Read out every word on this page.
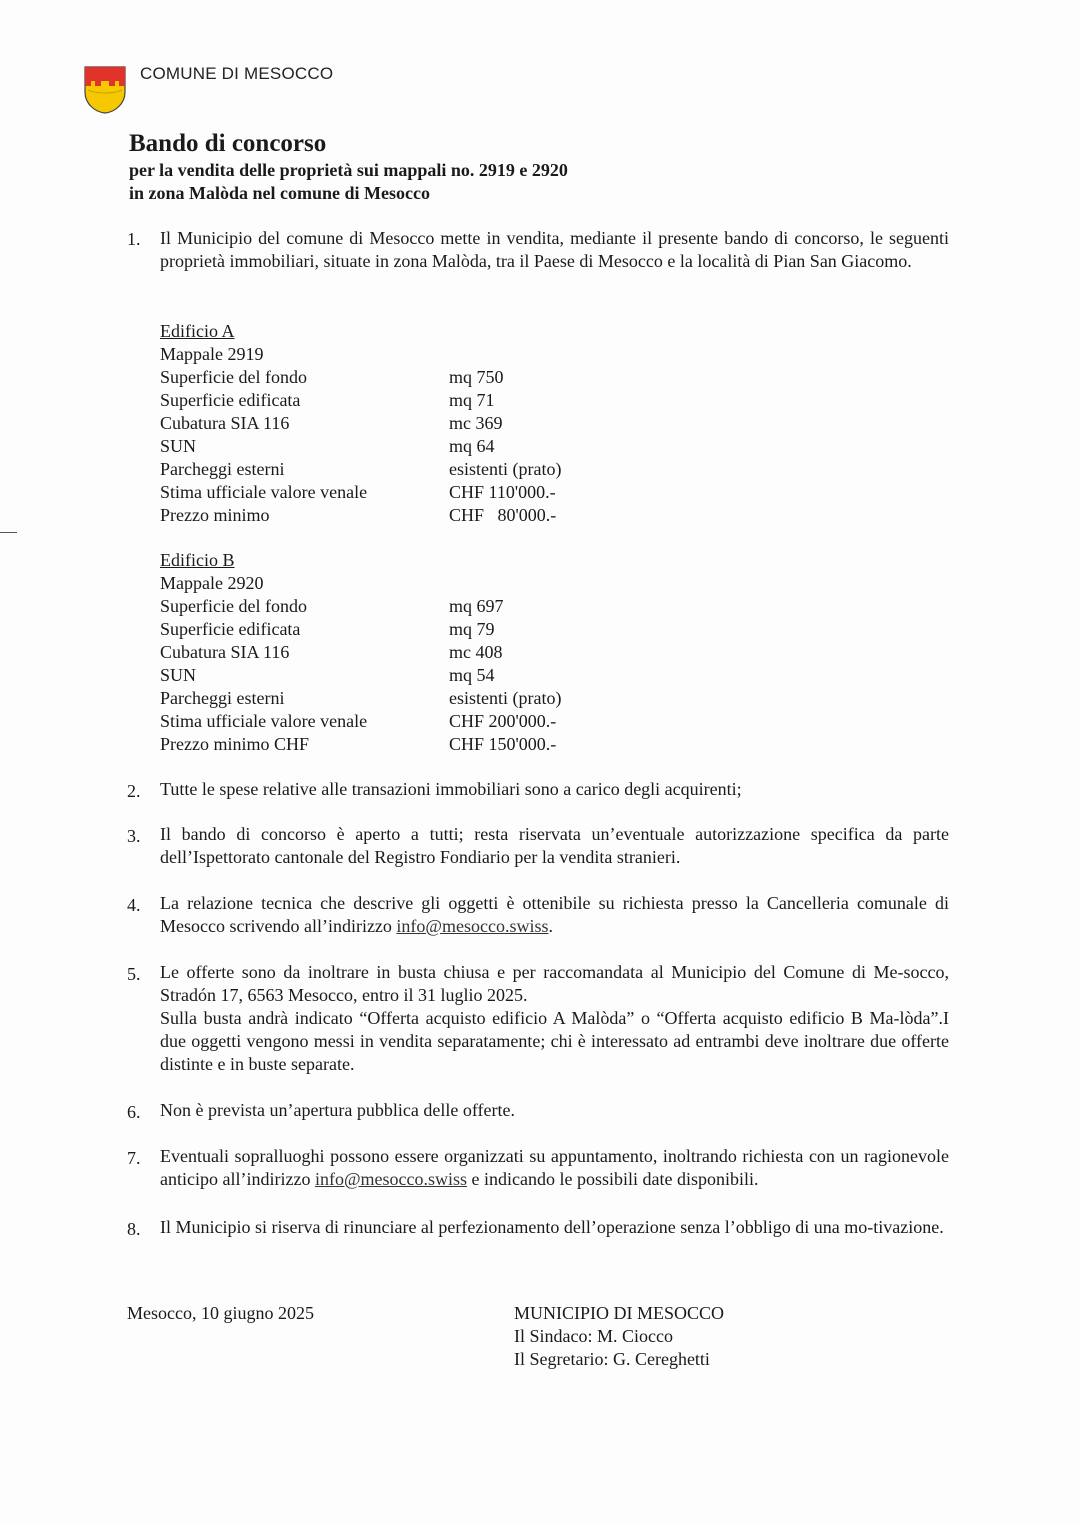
COMUNE DI MESOCCO
Bando di concorso
per la vendita delle proprietà sui mappali no. 2919 e 2920
in zona Malòda nel comune di Mesocco
1. Il Municipio del comune di Mesocco mette in vendita, mediante il presente bando di concorso, le seguenti proprietà immobiliari, situate in zona Malòda, tra il Paese di Mesocco e la località di Pian San Giacomo.
Edificio A
Mappale 2919
Superficie del fondo	mq 750
Superficie edificata	mq 71
Cubatura SIA 116	mc 369
SUN	mq 64
Parcheggi esterni	esistenti (prato)
Stima ufficiale valore venale	CHF 110'000.-
Prezzo minimo	CHF   80'000.-
Edificio B
Mappale 2920
Superficie del fondo	mq 697
Superficie edificata	mq 79
Cubatura SIA 116	mc 408
SUN	mq 54
Parcheggi esterni	esistenti (prato)
Stima ufficiale valore venale	CHF 200'000.-
Prezzo minimo CHF	CHF 150'000.-
2. Tutte le spese relative alle transazioni immobiliari sono a carico degli acquirenti;
3. Il bando di concorso è aperto a tutti; resta riservata un’eventuale autorizzazione specifica da parte dell’Ispettorato cantonale del Registro Fondiario per la vendita stranieri.
4. La relazione tecnica che descrive gli oggetti è ottenibile su richiesta presso la Cancelleria comunale di Mesocco scrivendo all’indirizzo info@mesocco.swiss.
5. Le offerte sono da inoltrare in busta chiusa e per raccomandata al Municipio del Comune di Me-socco, Stradón 17, 6563 Mesocco, entro il 31 luglio 2025.
Sulla busta andrà indicato “Offerta acquisto edificio A Malòda” o “Offerta acquisto edificio B Ma-lòda”.I due oggetti vengono messi in vendita separatamente; chi è interessato ad entrambi deve inoltrare due offerte distinte e in buste separate.
6. Non è prevista un’apertura pubblica delle offerte.
7. Eventuali sopralluoghi possono essere organizzati su appuntamento, inoltrando richiesta con un ragionevole anticipo all’indirizzo info@mesocco.swiss e indicando le possibili date disponibili.
8. Il Municipio si riserva di rinunciare al perfezionamento dell’operazione senza l’obbligo di una mo-tivazione.
Mesocco, 10 giugno 2025	MUNICIPIO DI MESOCCO
Il Sindaco: M. Ciocco
Il Segretario: G. Cereghetti
